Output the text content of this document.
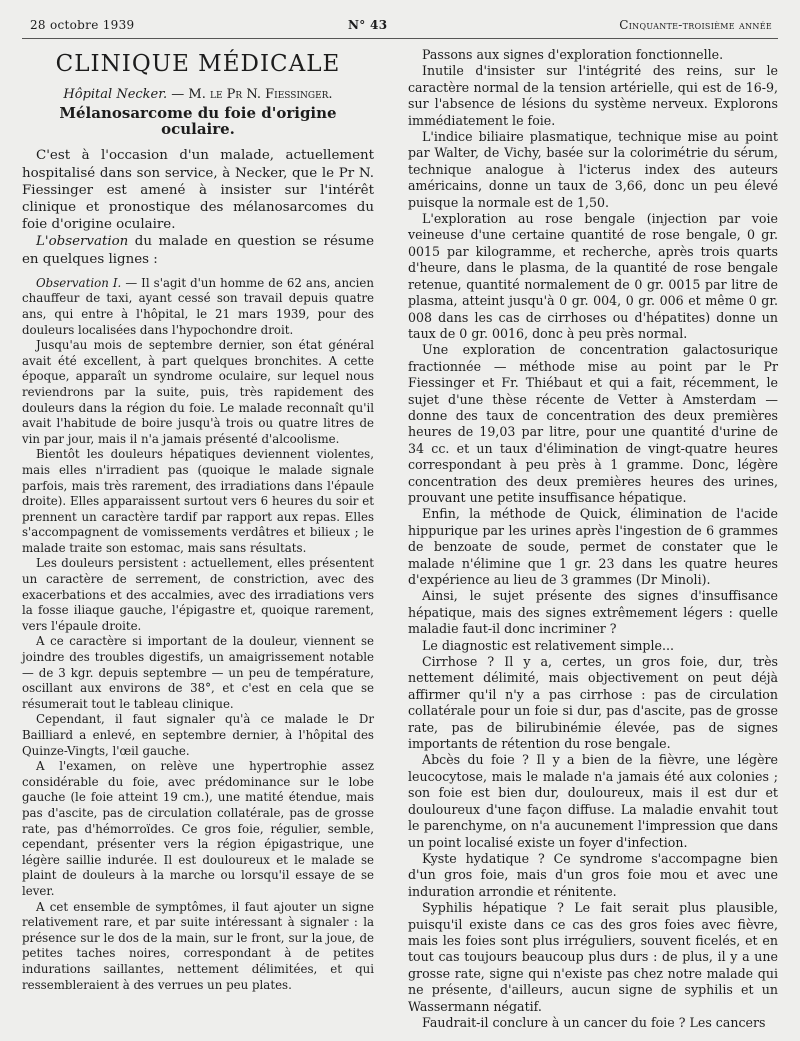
28 octobre 1939	N° 43	Cinquante-troisième année
CLINIQUE MÉDICALE
Hôpital Necker. — M. le Pr N. Fiessinger.
Mélanosarcome du foie d'origine oculaire.

C'est à l'occasion d'un malade, actuellement hospitalisé dans son service, à Necker, que le Pr N. Fiessinger est amené à insister sur l'intérêt clinique et pronostique des mélanosarcomes du foie d'origine oculaire.

L'observation du malade en question se résume en quelques lignes :

Observation I. — Il s'agit d'un homme de 62 ans, ancien chauffeur de taxi, ayant cessé son travail depuis quatre ans, qui entre à l'hôpital, le 21 mars 1939, pour des douleurs localisées dans l'hypochondre droit.

Jusqu'au mois de septembre dernier, son état général avait été excellent, à part quelques bronchites. A cette époque, apparaît un syndrome oculaire, sur lequel nous reviendrons par la suite, puis, très rapidement des douleurs dans la région du foie. Le malade reconnaît qu'il avait l'habitude de boire jusqu'à trois ou quatre litres de vin par jour, mais il n'a jamais présenté d'alcoolisme.

Bientôt les douleurs hépatiques deviennent violentes, mais elles n'irradient pas (quoique le malade signale parfois, mais très rarement, des irradiations dans l'épaule droite). Elles apparaissent surtout vers 6 heures du soir et prennent un caractère tardif par rapport aux repas. Elles s'accompagnent de vomissements verdâtres et bilieux ; le malade traite son estomac, mais sans résultats.

Les douleurs persistent : actuellement, elles présentent un caractère de serrement, de constriction, avec des exacerbations et des accalmies, avec des irradiations vers la fosse iliaque gauche, l'épigastre et, quoique rarement, vers l'épaule droite.

A ce caractère si important de la douleur, viennent se joindre des troubles digestifs, un amaigrissement notable — de 3 kgr. depuis septembre — un peu de température, oscillant aux environs de 38°, et c'est en cela que se résumerait tout le tableau clinique.

Cependant, il faut signaler qu'à ce malade le Dr Bailliard a enlevé, en septembre dernier, à l'hôpital des Quinze-Vingts, l'œil gauche.

A l'examen, on relève une hypertrophie assez considérable du foie, avec prédominance sur le lobe gauche (le foie atteint 19 cm.), une matité étendue, mais pas d'ascite, pas de circulation collatérale, pas de grosse rate, pas d'hémorroïdes. Ce gros foie, régulier, semble, cependant, présenter vers la région épigastrique, une légère saillie indurée. Il est douloureux et le malade se plaint de douleurs à la marche ou lorsqu'il essaye de se lever.

A cet ensemble de symptômes, il faut ajouter un signe relativement rare, et par suite intéressant à signaler : la présence sur le dos de la main, sur le front, sur la joue, de petites taches noires, correspondant à de petites indurations saillantes, nettement délimitées, et qui ressembleraient à des verrues un peu plates.

Passons aux signes d'exploration fonctionnelle.

Inutile d'insister sur l'intégrité des reins, sur le caractère normal de la tension artérielle, qui est de 16-9, sur l'absence de lésions du système nerveux. Explorons immédiatement le foie.

L'indice biliaire plasmatique, technique mise au point par Walter, de Vichy, basée sur la colorimétrie du sérum, technique analogue à l'icterus index des auteurs américains, donne un taux de 3,66, donc un peu élevé puisque la normale est de 1,50.

L'exploration au rose bengale (injection par voie veineuse d'une certaine quantité de rose bengale, 0 gr. 0015 par kilogramme, et recherche, après trois quarts d'heure, dans le plasma, de la quantité de rose bengale retenue, quantité normalement de 0 gr. 0015 par litre de plasma, atteint jusqu'à 0 gr. 004, 0 gr. 006 et même 0 gr. 008 dans les cas de cirrhoses ou d'hépatites) donne un taux de 0 gr. 0016, donc à peu près normal.

Une exploration de concentration galactosurique fractionnée — méthode mise au point par le Pr Fiessinger et Fr. Thiébaut et qui a fait, récemment, le sujet d'une thèse récente de Vetter à Amsterdam — donne des taux de concentration des deux premières heures de 19,03 par litre, pour une quantité d'urine de 34 cc. et un taux d'élimination de vingt-quatre heures correspondant à peu près à 1 gramme. Donc, légère concentration des deux premières heures des urines, prouvant une petite insuffisance hépatique.

Enfin, la méthode de Quick, élimination de l'acide hippurique par les urines après l'ingestion de 6 grammes de benzoate de soude, permet de constater que le malade n'élimine que 1 gr. 23 dans les quatre heures d'expérience au lieu de 3 grammes (Dr Minoli).

Ainsi, le sujet présente des signes d'insuffisance hépatique, mais des signes extrêmement légers : quelle maladie faut-il donc incriminer ?

Le diagnostic est relativement simple...

Cirrhose ? Il y a, certes, un gros foie, dur, très nettement délimité, mais objectivement on peut déjà affirmer qu'il n'y a pas cirrhose : pas de circulation collatérale pour un foie si dur, pas d'ascite, pas de grosse rate, pas de bilirubinémie élevée, pas de signes importants de rétention du rose bengale.

Abcès du foie ? Il y a bien de la fièvre, une légère leucocytose, mais le malade n'a jamais été aux colonies ; son foie est bien dur, douloureux, mais il est dur et douloureux d'une façon diffuse. La maladie envahit tout le parenchyme, on n'a aucunement l'impression que dans un point localisé existe un foyer d'infection.

Kyste hydatique ? Ce syndrome s'accompagne bien d'un gros foie, mais d'un gros foie mou et avec une induration arrondie et rénitente.

Syphilis hépatique ? Le fait serait plus plausible, puisqu'il existe dans ce cas des gros foies avec fièvre, mais les foies sont plus irréguliers, souvent ficelés, et en tout cas toujours beaucoup plus durs : de plus, il y a une grosse rate, signe qui n'existe pas chez notre malade qui ne présente, d'ailleurs, aucun signe de syphilis et un Wassermann négatif.

Faudrait-il conclure à un cancer du foie ? Les cancers
